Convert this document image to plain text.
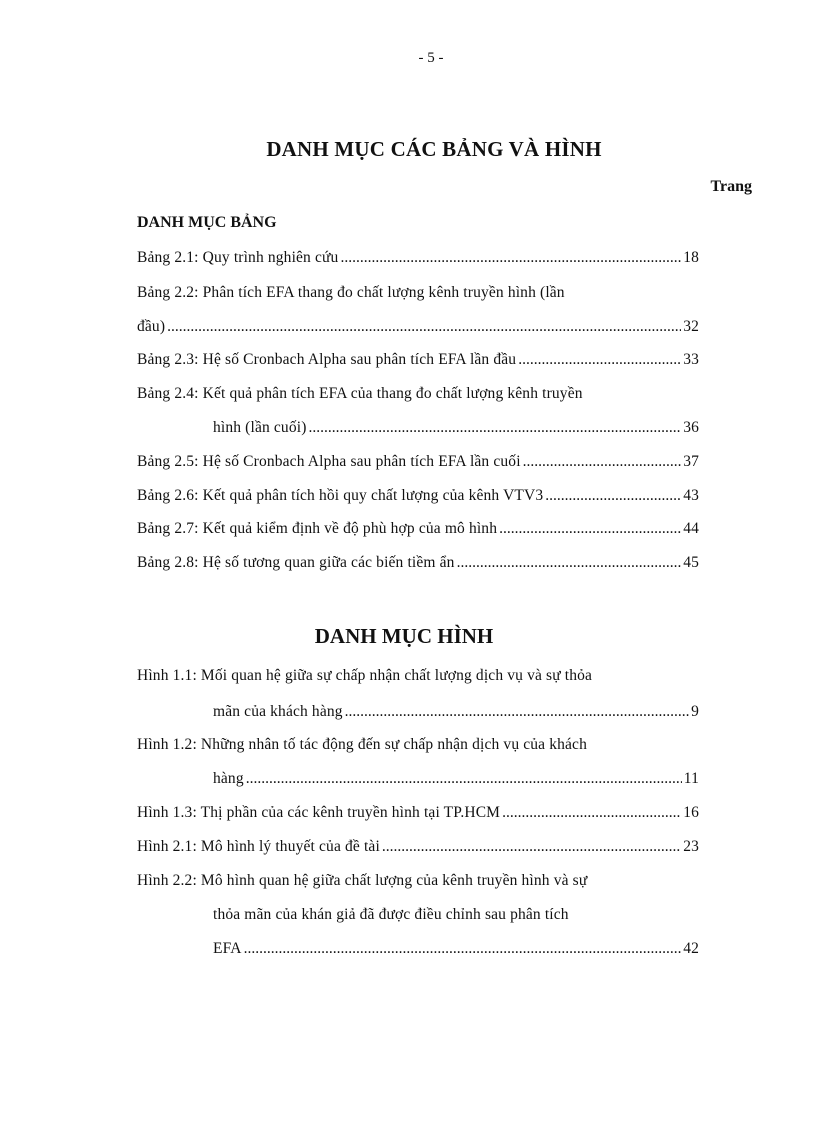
- 5 -
DANH MỤC CÁC BẢNG VÀ HÌNH
Trang
DANH MỤC BẢNG
Bảng 2.1: Quy trình nghiên cứu .....	18
Bảng 2.2: Phân tích EFA thang đo chất lượng kênh truyền hình (lần
đầu) .....	32
Bảng 2.3: Hệ số Cronbach Alpha sau phân tích EFA lần đầu .....	33
Bảng 2.4: Kết quả phân tích EFA của thang đo chất lượng kênh truyền
hình (lần cuối) .....	36
Bảng 2.5: Hệ số Cronbach Alpha sau phân tích EFA lần cuối .....	37
Bảng 2.6: Kết quả phân tích hồi quy chất lượng của kênh VTV3 .....	43
Bảng 2.7: Kết quả kiểm định về độ phù hợp của mô hình .....	44
Bảng 2.8: Hệ số tương quan giữa các biến tiềm ẩn .....	45
DANH MỤC HÌNH
Hình 1.1: Mối quan hệ giữa sự chấp nhận chất lượng dịch vụ và sự thỏa
mãn của khách hàng .....	9
Hình 1.2: Những nhân tố tác động đến sự chấp nhận dịch vụ của khách
hàng .....	11
Hình 1.3: Thị phần của các kênh truyền hình tại TP.HCM .....	16
Hình 2.1: Mô hình lý thuyết của đề tài .....	23
Hình 2.2: Mô hình quan hệ giữa chất lượng của kênh truyền hình và sự
thỏa mãn của khán giả đã được điều chỉnh sau phân tích
EFA .....	42
